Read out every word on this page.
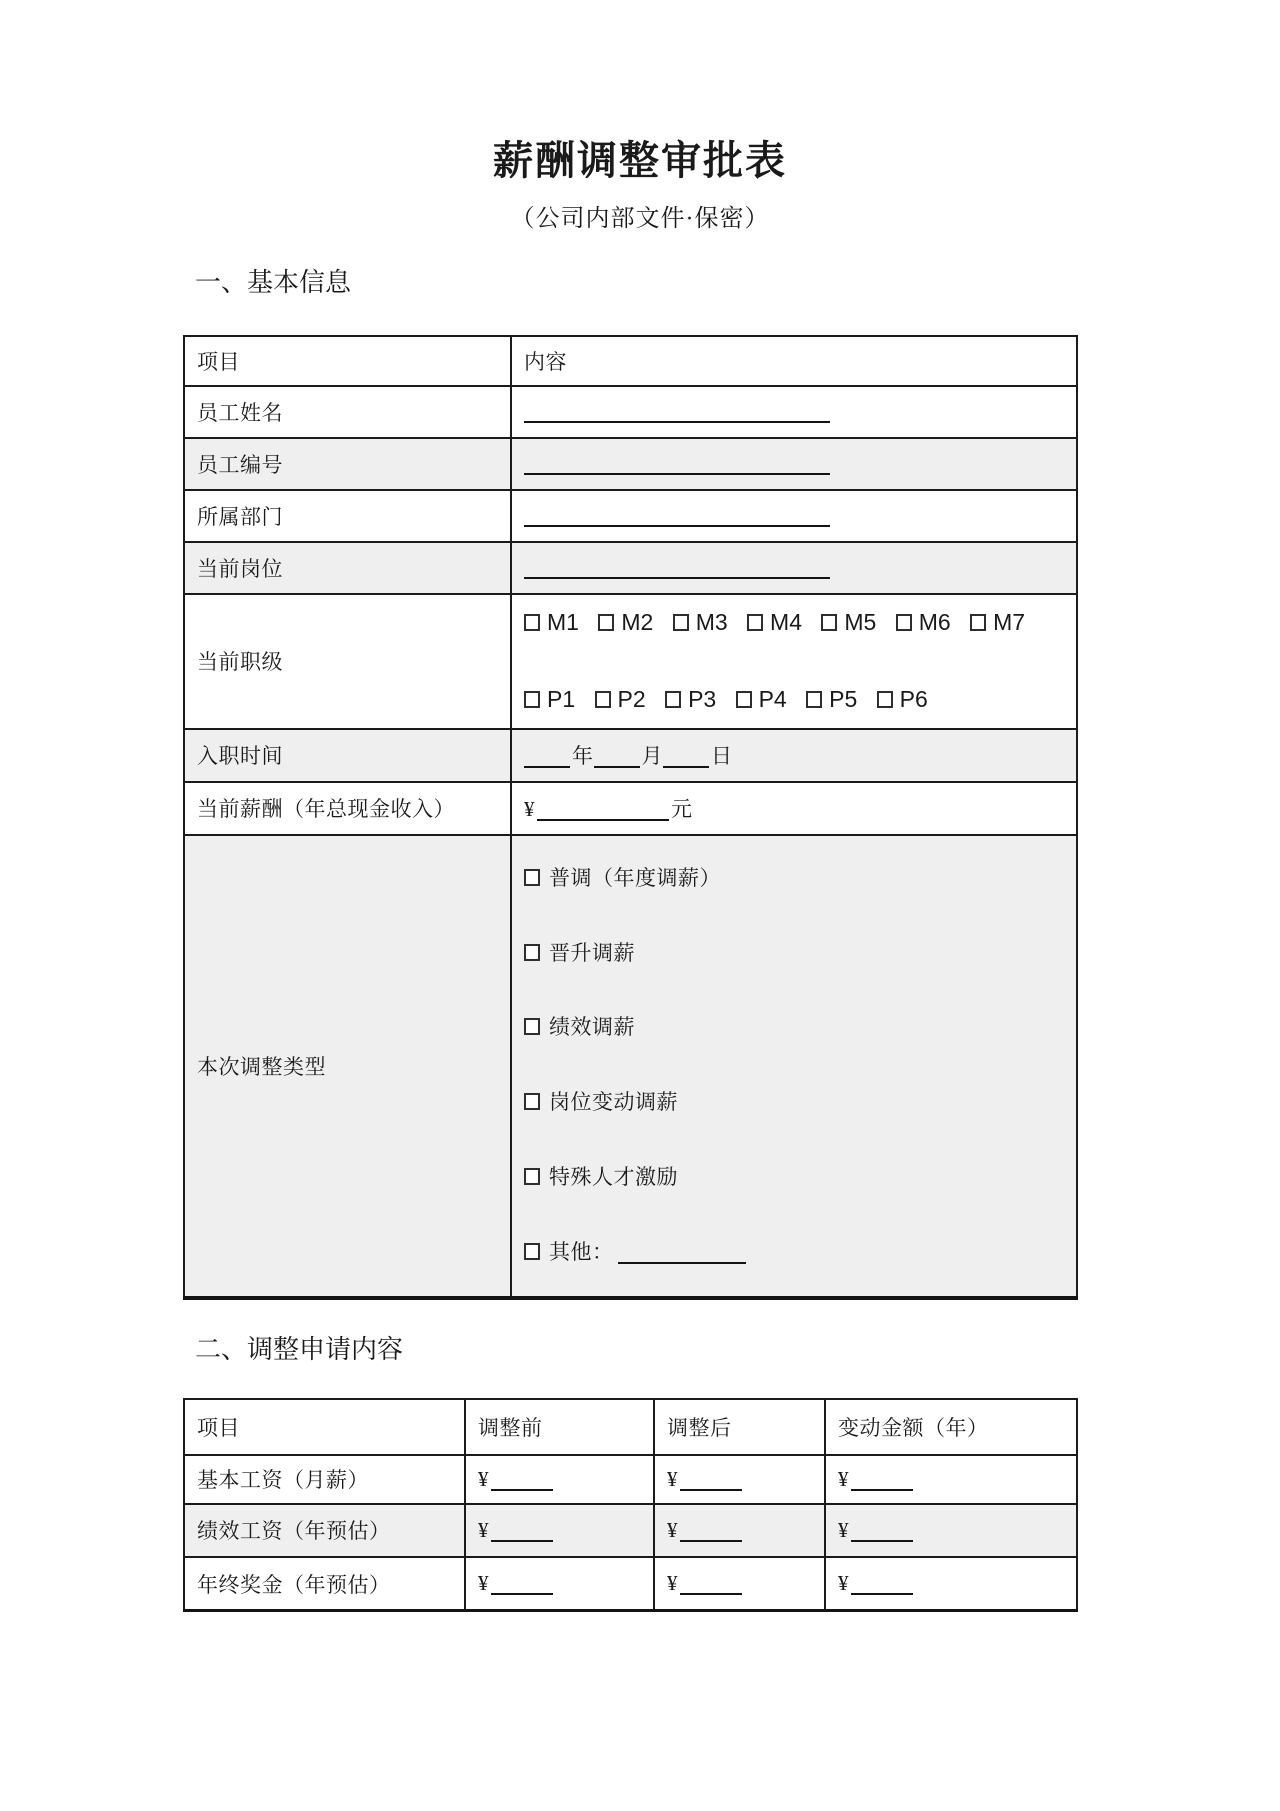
薪酬调整审批表
（公司内部文件·保密）
一、基本信息
项目	内容
员工姓名	
员工编号	
所属部门	
当前岗位	
当前职级	M1 M2 M3 M4 M5 M6 M7
P1 P2 P3 P4 P5 P6

入职时间	年 月 日
当前薪酬（年总现金收入）	¥ 元
本次调整类型	
普调（年度调薪）
晋升调薪
绩效调薪
岗位变动调薪
特殊人才激励
其他：
二、调整申请内容
项目	调整前	调整后	变动金额（年）
基本工资（月薪）	¥	¥	¥
绩效工资（年预估）	¥	¥	¥
年终奖金（年预估）	¥	¥	¥
